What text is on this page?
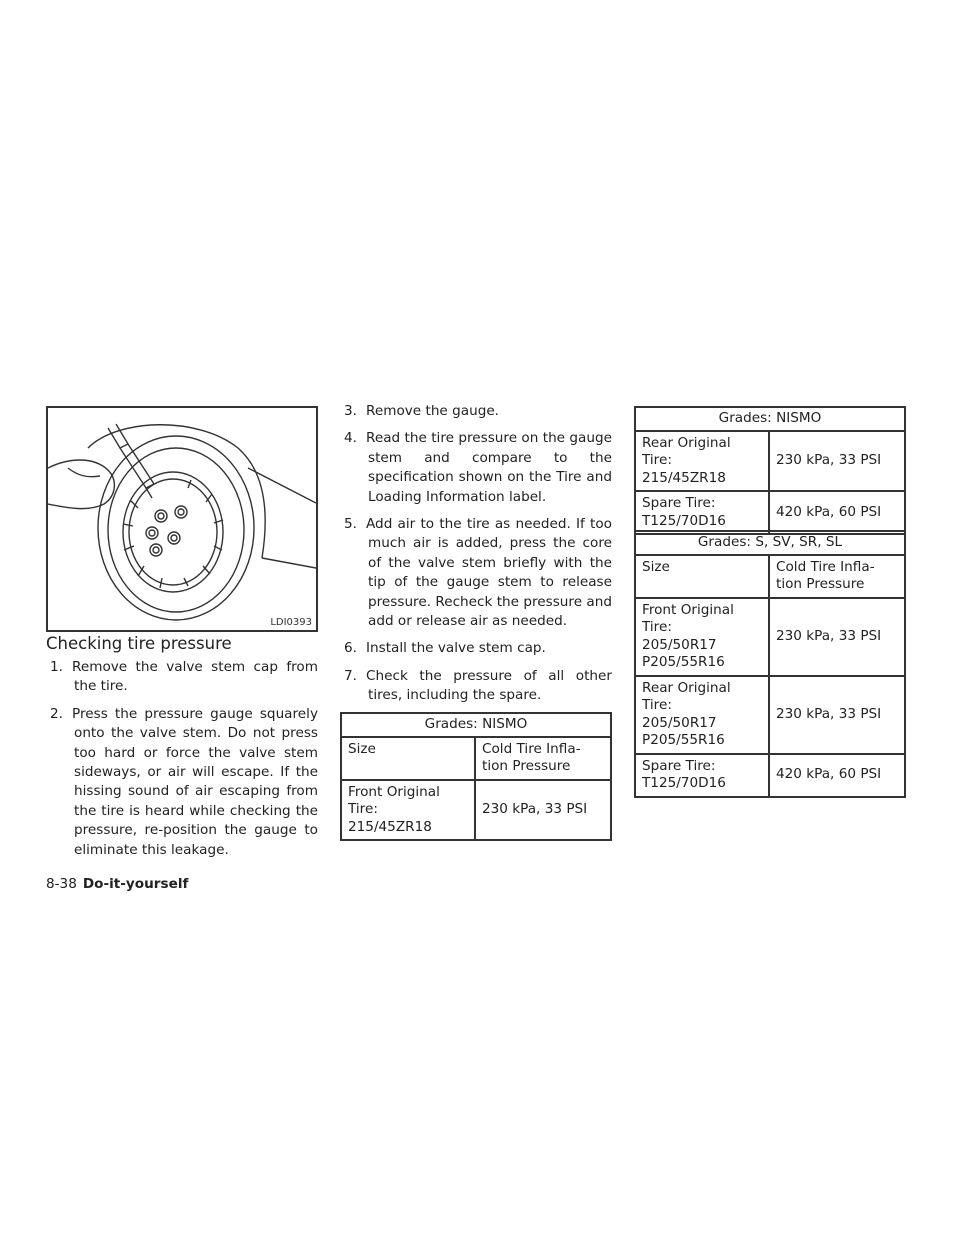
LDI0393
Checking tire pressure

1. Remove the valve stem cap from the tire.

2. Press the pressure gauge squarely onto the valve stem. Do not press too hard or force the valve stem sideways, or air will escape. If the hissing sound of air escaping from the tire is heard while checking the pressure, re-position the gauge to eliminate this leakage.

3. Remove the gauge.

4. Read the tire pressure on the gauge stem and compare to the specification shown on the Tire and Loading Information label.

5. Add air to the tire as needed. If too much air is added, press the core of the valve stem briefly with the tip of the gauge stem to release pressure. Recheck the pressure and add or release air as needed.

6. Install the valve stem cap.

7. Check the pressure of all other tires, including the spare.

Grades: NISMO	
Size	Cold Tire Infla-
tion Pressure
Front Original
Tire:
215/45ZR18	230 kPa, 33 PSI
Grades: NISMO	
Rear Original
Tire:
215/45ZR18	230 kPa, 33 PSI
Spare Tire:
T125/70D16	420 kPa, 60 PSI
Grades: S, SV, SR, SL	
Size	Cold Tire Infla-
tion Pressure
Front Original
Tire:
205/50R17
P205/55R16	230 kPa, 33 PSI
Rear Original
Tire:
205/50R17
P205/55R16	230 kPa, 33 PSI
Spare Tire:
T125/70D16	420 kPa, 60 PSI
8-38 Do-it-yourself
